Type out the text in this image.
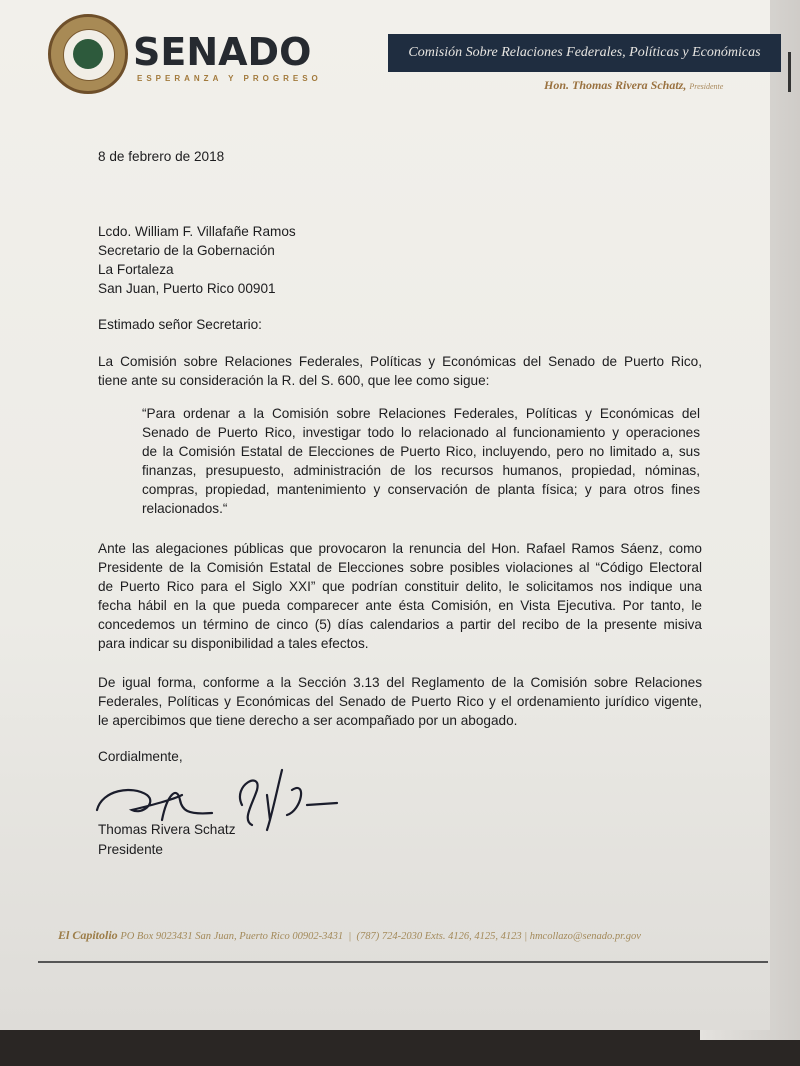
SENADO
ESPERANZA Y PROGRESO
Comisión Sobre Relaciones Federales, Políticas y Económicas
Hon. Thomas Rivera Schatz, Presidente
8 de febrero de 2018
Lcdo. William F. Villafañe Ramos
Secretario de la Gobernación
La Fortaleza
San Juan, Puerto Rico 00901
Estimado señor Secretario:
La Comisión sobre Relaciones Federales, Políticas y Económicas del Senado de Puerto Rico,
tiene ante su consideración la R. del S. 600, que lee como sigue:
“Para ordenar a la Comisión sobre Relaciones Federales, Políticas y Económicas del
Senado de Puerto Rico, investigar todo lo relacionado al funcionamiento y operaciones
de la Comisión Estatal de Elecciones de Puerto Rico, incluyendo, pero no limitado a, sus
finanzas, presupuesto, administración de los recursos humanos, propiedad, nóminas,
compras, propiedad, mantenimiento y conservación de planta física; y para otros fines
relacionados.“
Ante las alegaciones públicas que provocaron la renuncia del Hon. Rafael Ramos Sáenz, como
Presidente de la Comisión Estatal de Elecciones sobre posibles violaciones al “Código Electoral
de Puerto Rico para el Siglo XXI” que podrían constituir delito, le solicitamos nos indique una
fecha hábil en la que pueda comparecer ante ésta Comisión, en Vista Ejecutiva. Por tanto, le
concedemos un término de cinco (5) días calendarios a partir del recibo de la presente misiva
para indicar su disponibilidad a tales efectos.
De igual forma, conforme a la Sección 3.13 del Reglamento de la Comisión sobre Relaciones
Federales, Políticas y Económicas del Senado de Puerto Rico y el ordenamiento jurídico vigente,
le apercibimos que tiene derecho a ser acompañado por un abogado.
Cordialmente,
Thomas Rivera Schatz
Presidente
El Capitolio PO Box 9023431 San Juan, Puerto Rico 00902-3431  |  (787) 724-2030 Exts. 4126, 4125, 4123 | hmcollazo@senado.pr.gov
